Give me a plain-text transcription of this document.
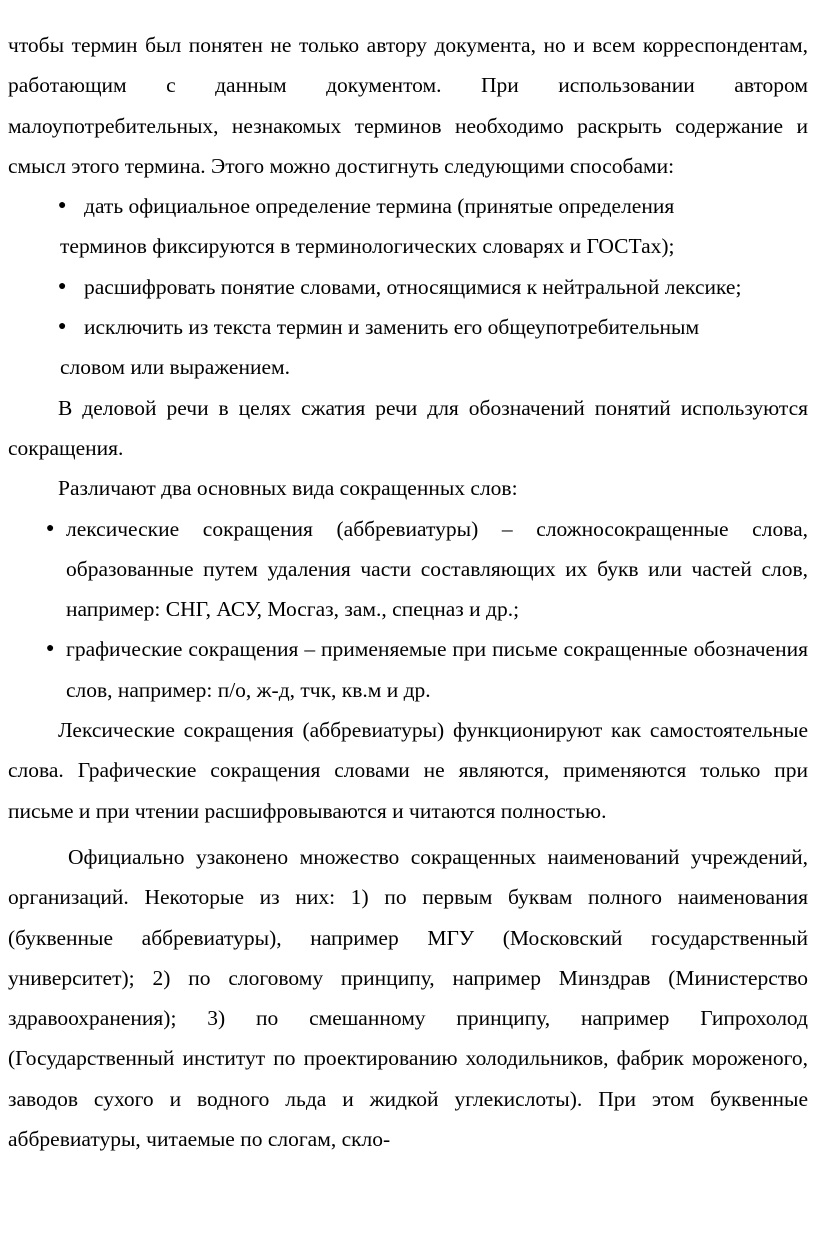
чтобы термин был понятен не только автору документа, но и всем корреспондентам, работающим с данным документом. При использовании автором малоупотребительных, незнакомых терминов необходимо раскрыть содержание и смысл этого термина. Этого можно достигнуть следующими способами:

● дать официальное определение термина (принятые определения
терминов фиксируются в терминологических словарях и ГОСТах);
● расшифровать понятие словами, относящимися к нейтральной лексике;
● исключить из текста термин и заменить его общеупотребительным
словом или выражением.

В деловой речи в целях сжатия речи для обозначений понятий используются сокращения.

Различают два основных вида сокращенных слов:

● лексические сокращения (аббревиатуры) – сложносокращенные слова, образованные путем удаления части составляющих их букв или частей слов, например: СНГ, АСУ, Мосгаз, зам., спецназ и др.;
● графические сокращения – применяемые при письме сокращенные обозначения слов, например: п/о, ж-д, тчк, кв.м и др.

Лексические сокращения (аббревиатуры) функционируют как самостоятельные слова. Графические сокращения словами не являются, применяются только при письме и при чтении расшифровываются и читаются полностью.

Официально узаконено множество сокращенных наименований учреждений, организаций. Некоторые из них: 1) по первым буквам полного наименования (буквенные аббревиатуры), например МГУ (Московский государственный университет); 2) по слоговому принципу, например Минздрав (Министерство здравоохранения); 3) по смешанному принципу, например Гипрохолод (Государственный институт по проектированию холодильников, фабрик мороженого, заводов сухого и водного льда и жидкой углекислоты). При этом буквенные аббревиатуры, читаемые по слогам, скло-
